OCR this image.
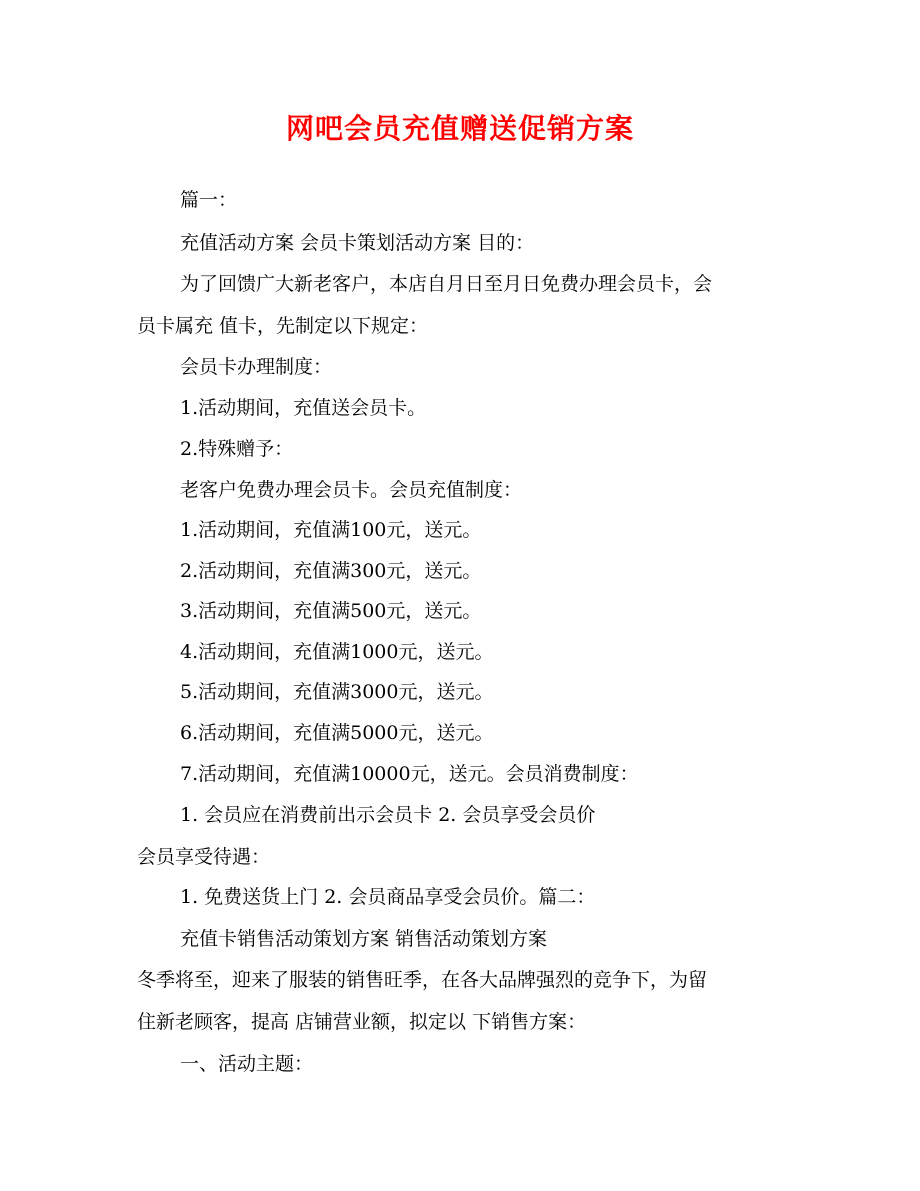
网吧会员充值赠送促销方案
篇一：
充值活动方案 会员卡策划活动方案 目的：
为了回馈广大新老客户，本店自月日至月日免费办理会员卡，会
员卡属充 值卡，先制定以下规定：
会员卡办理制度：
1.活动期间，充值送会员卡。
2.特殊赠予：
老客户免费办理会员卡。会员充值制度：
1.活动期间，充值满100元，送元。
2.活动期间，充值满300元，送元。
3.活动期间，充值满500元，送元。
4.活动期间，充值满1000元，送元。
5.活动期间，充值满3000元，送元。
6.活动期间，充值满5000元，送元。
7.活动期间，充值满10000元，送元。会员消费制度：
1. 会员应在消费前出示会员卡 2. 会员享受会员价
会员享受待遇：
1. 免费送货上门 2. 会员商品享受会员价。篇二：
充值卡销售活动策划方案 销售活动策划方案
冬季将至，迎来了服装的销售旺季，在各大品牌强烈的竞争下，为留
住新老顾客，提高 店铺营业额，拟定以 下销售方案：
一、活动主题：
